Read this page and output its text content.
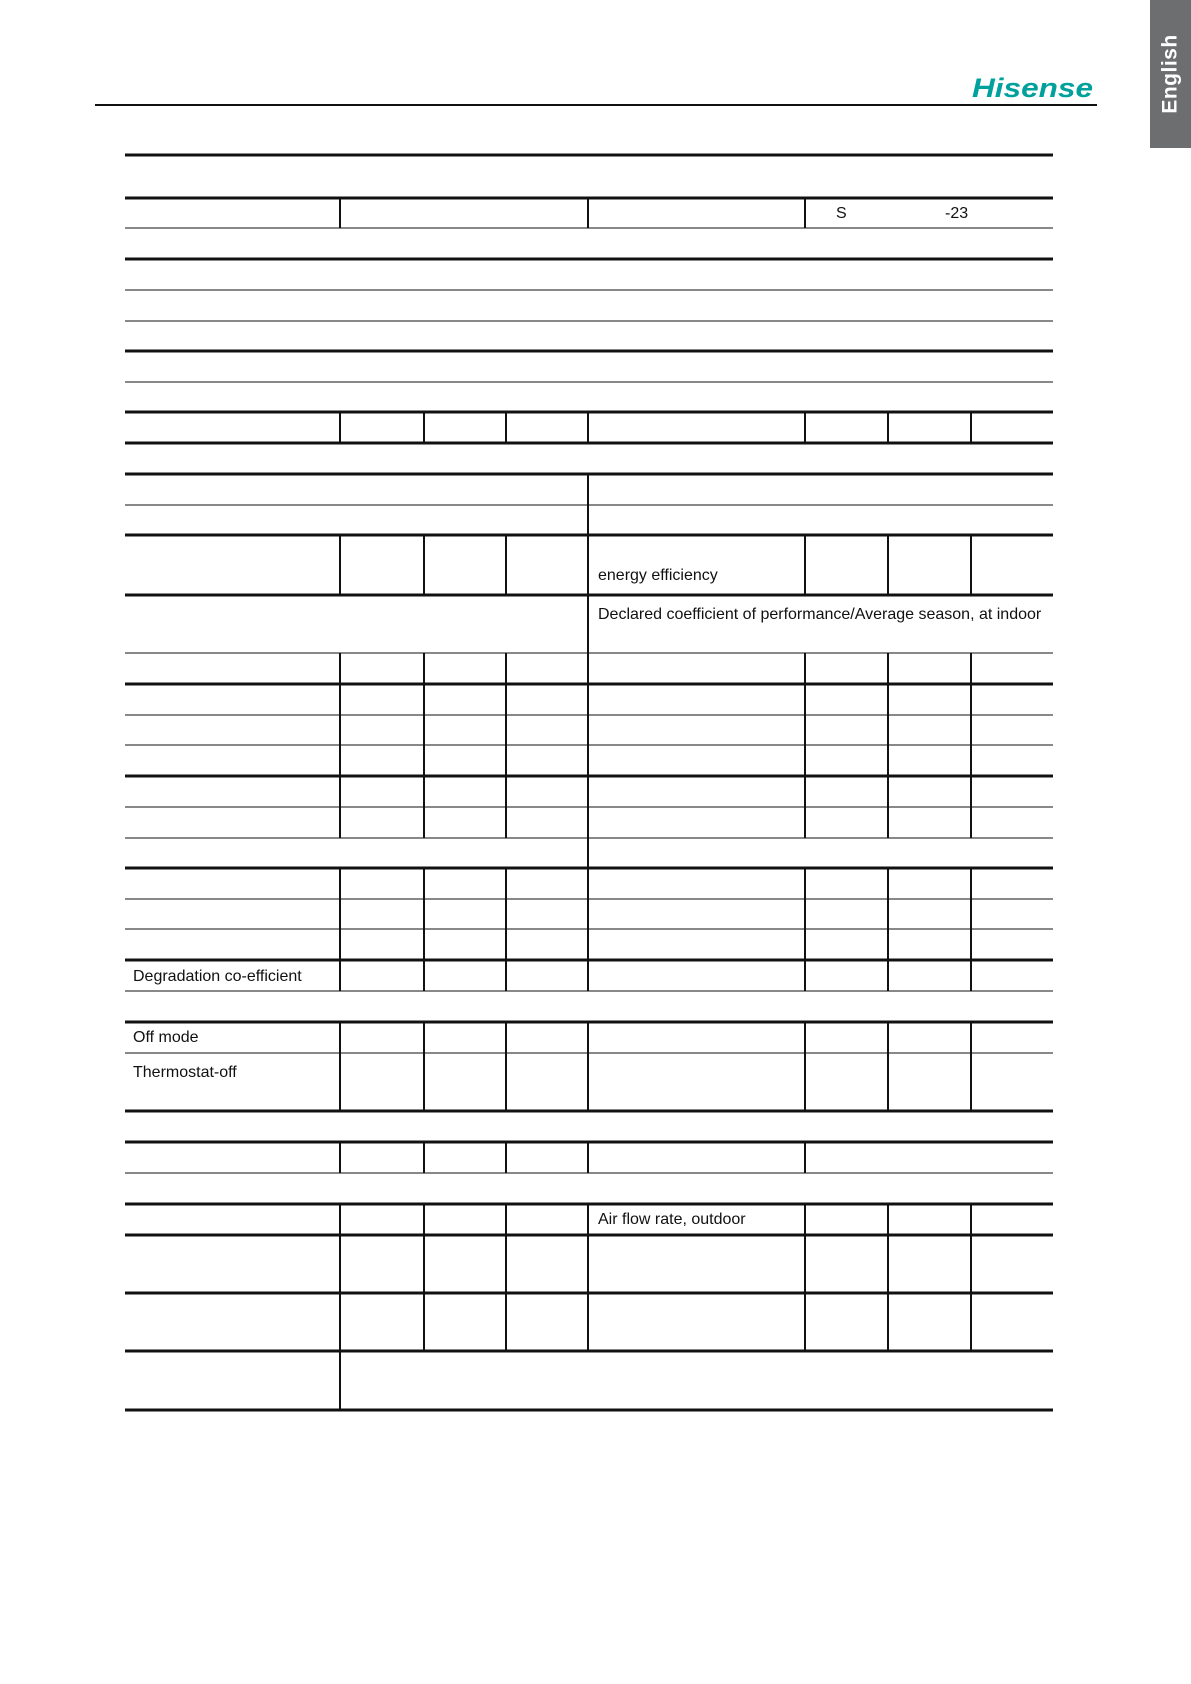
English
Hisense
S	-23
energy efficiency
Declared coefficient of performance/Average season, at indoor
Degradation co-efficient
Off mode
Thermostat-off
Air flow rate, outdoor
